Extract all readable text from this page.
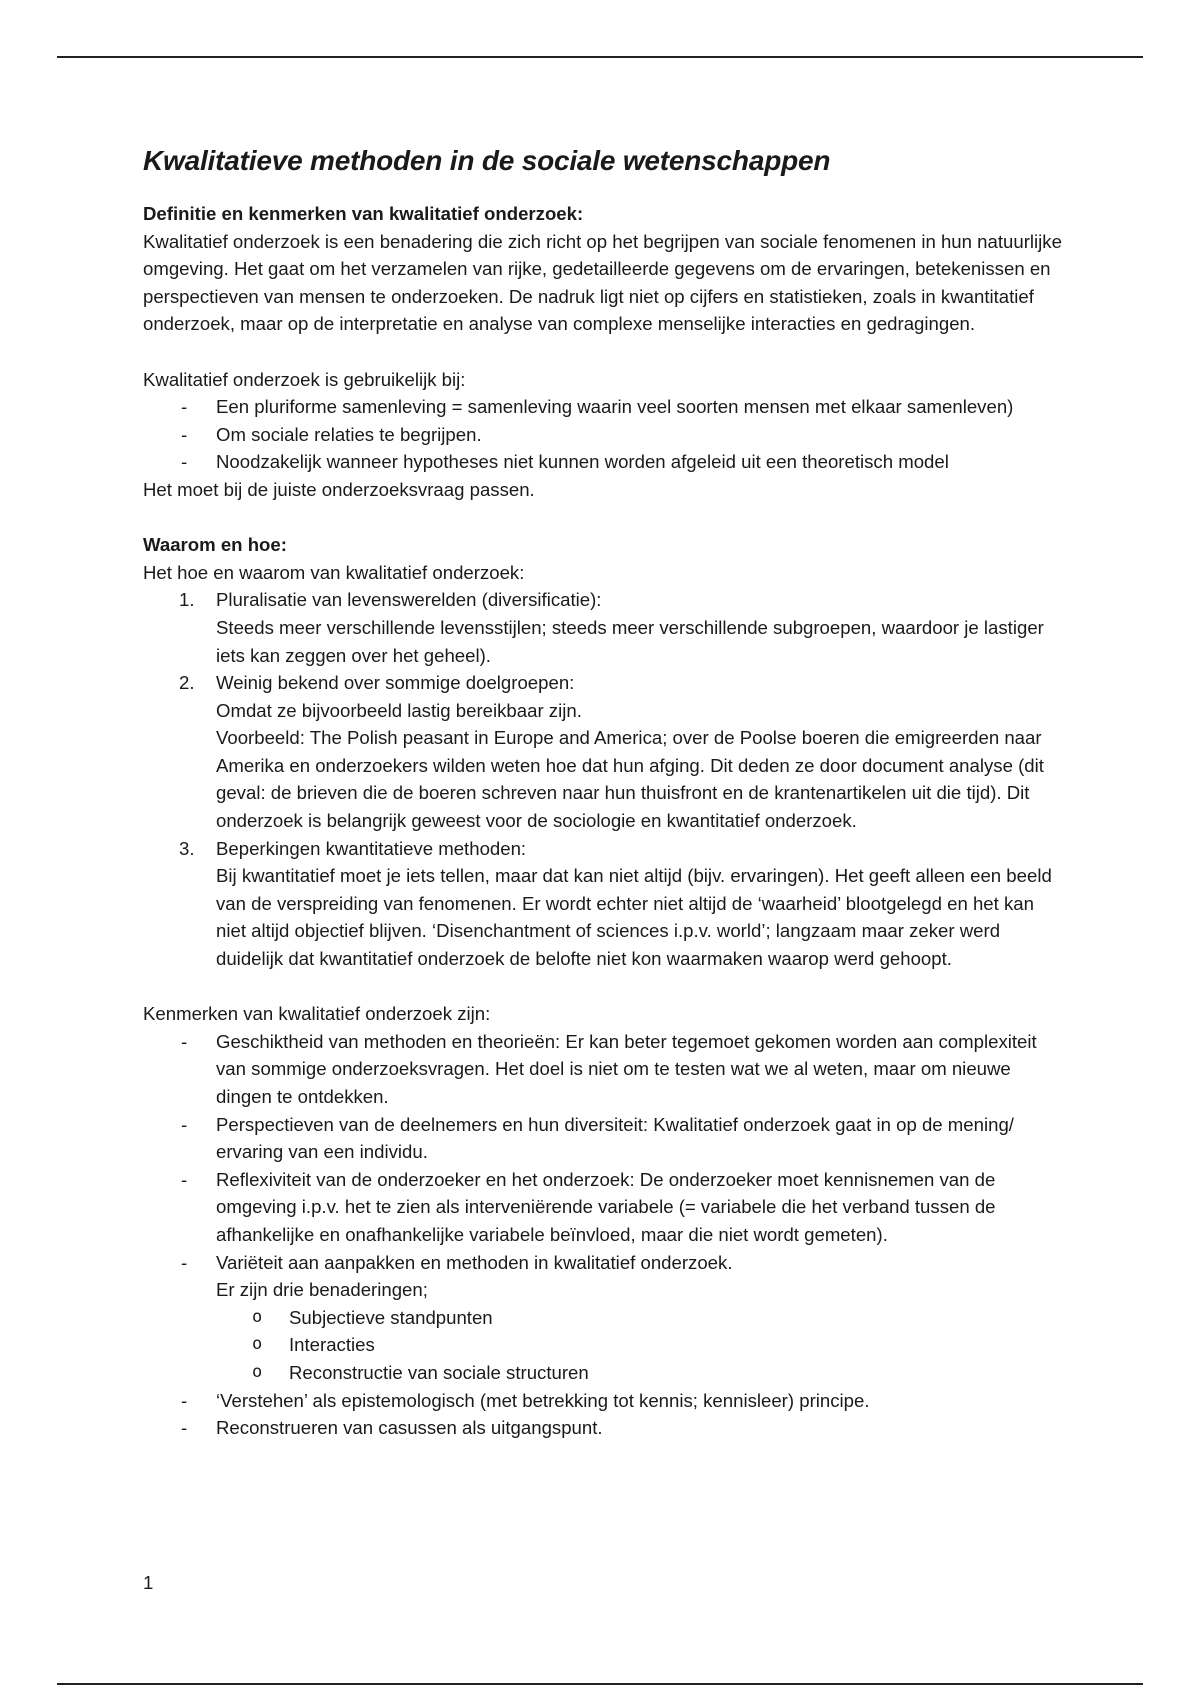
Kwalitatieve methoden in de sociale wetenschappen

Definitie en kenmerken van kwalitatief onderzoek:

Kwalitatief onderzoek is een benadering die zich richt op het begrijpen van sociale fenomenen in hun natuurlijke omgeving. Het gaat om het verzamelen van rijke, gedetailleerde gegevens om de ervaringen, betekenissen en perspectieven van mensen te onderzoeken. De nadruk ligt niet op cijfers en statistieken, zoals in kwantitatief onderzoek, maar op de interpretatie en analyse van complexe menselijke interacties en gedragingen.

Kwalitatief onderzoek is gebruikelijk bij:

- Een pluriforme samenleving = samenleving waarin veel soorten mensen met elkaar samenleven)
- Om sociale relaties te begrijpen.
- Noodzakelijk wanneer hypotheses niet kunnen worden afgeleid uit een theoretisch model

Het moet bij de juiste onderzoeksvraag passen.

Waarom en hoe:

Het hoe en waarom van kwalitatief onderzoek:

1. Pluralisatie van levenswerelden (diversificatie):
Steeds meer verschillende levensstijlen; steeds meer verschillende subgroepen, waardoor je lastiger iets kan zeggen over het geheel).
2. Weinig bekend over sommige doelgroepen:
Omdat ze bijvoorbeeld lastig bereikbaar zijn.
Voorbeeld: The Polish peasant in Europe and America; over de Poolse boeren die emigreerden naar Amerika en onderzoekers wilden weten hoe dat hun afging. Dit deden ze door document analyse (dit geval: de brieven die de boeren schreven naar hun thuisfront en de krantenartikelen uit die tijd). Dit onderzoek is belangrijk geweest voor de sociologie en kwantitatief onderzoek.
3. Beperkingen kwantitatieve methoden:
Bij kwantitatief moet je iets tellen, maar dat kan niet altijd (bijv. ervaringen). Het geeft alleen een beeld van de verspreiding van fenomenen. Er wordt echter niet altijd de ‘waarheid’ blootgelegd en het kan niet altijd objectief blijven. ‘Disenchantment of sciences i.p.v. world’; langzaam maar zeker werd duidelijk dat kwantitatief onderzoek de belofte niet kon waarmaken waarop werd gehoopt.

Kenmerken van kwalitatief onderzoek zijn:

- Geschiktheid van methoden en theorieën: Er kan beter tegemoet gekomen worden aan complexiteit van sommige onderzoeksvragen. Het doel is niet om te testen wat we al weten, maar om nieuwe dingen te ontdekken.
- Perspectieven van de deelnemers en hun diversiteit: Kwalitatief onderzoek gaat in op de mening/ ervaring van een individu.
- Reflexiviteit van de onderzoeker en het onderzoek: De onderzoeker moet kennisnemen van de omgeving i.p.v. het te zien als interveniërende variabele (= variabele die het verband tussen de afhankelijke en onafhankelijke variabele beïnvloed, maar die niet wordt gemeten).
- Variëteit aan aanpakken en methoden in kwalitatief onderzoek.
Er zijn drie benaderingen;
o Subjectieve standpunten
o Interacties
o Reconstructie van sociale structuren
- ‘Verstehen’ als epistemologisch (met betrekking tot kennis; kennisleer) principe.
- Reconstrueren van casussen als uitgangspunt.
1
